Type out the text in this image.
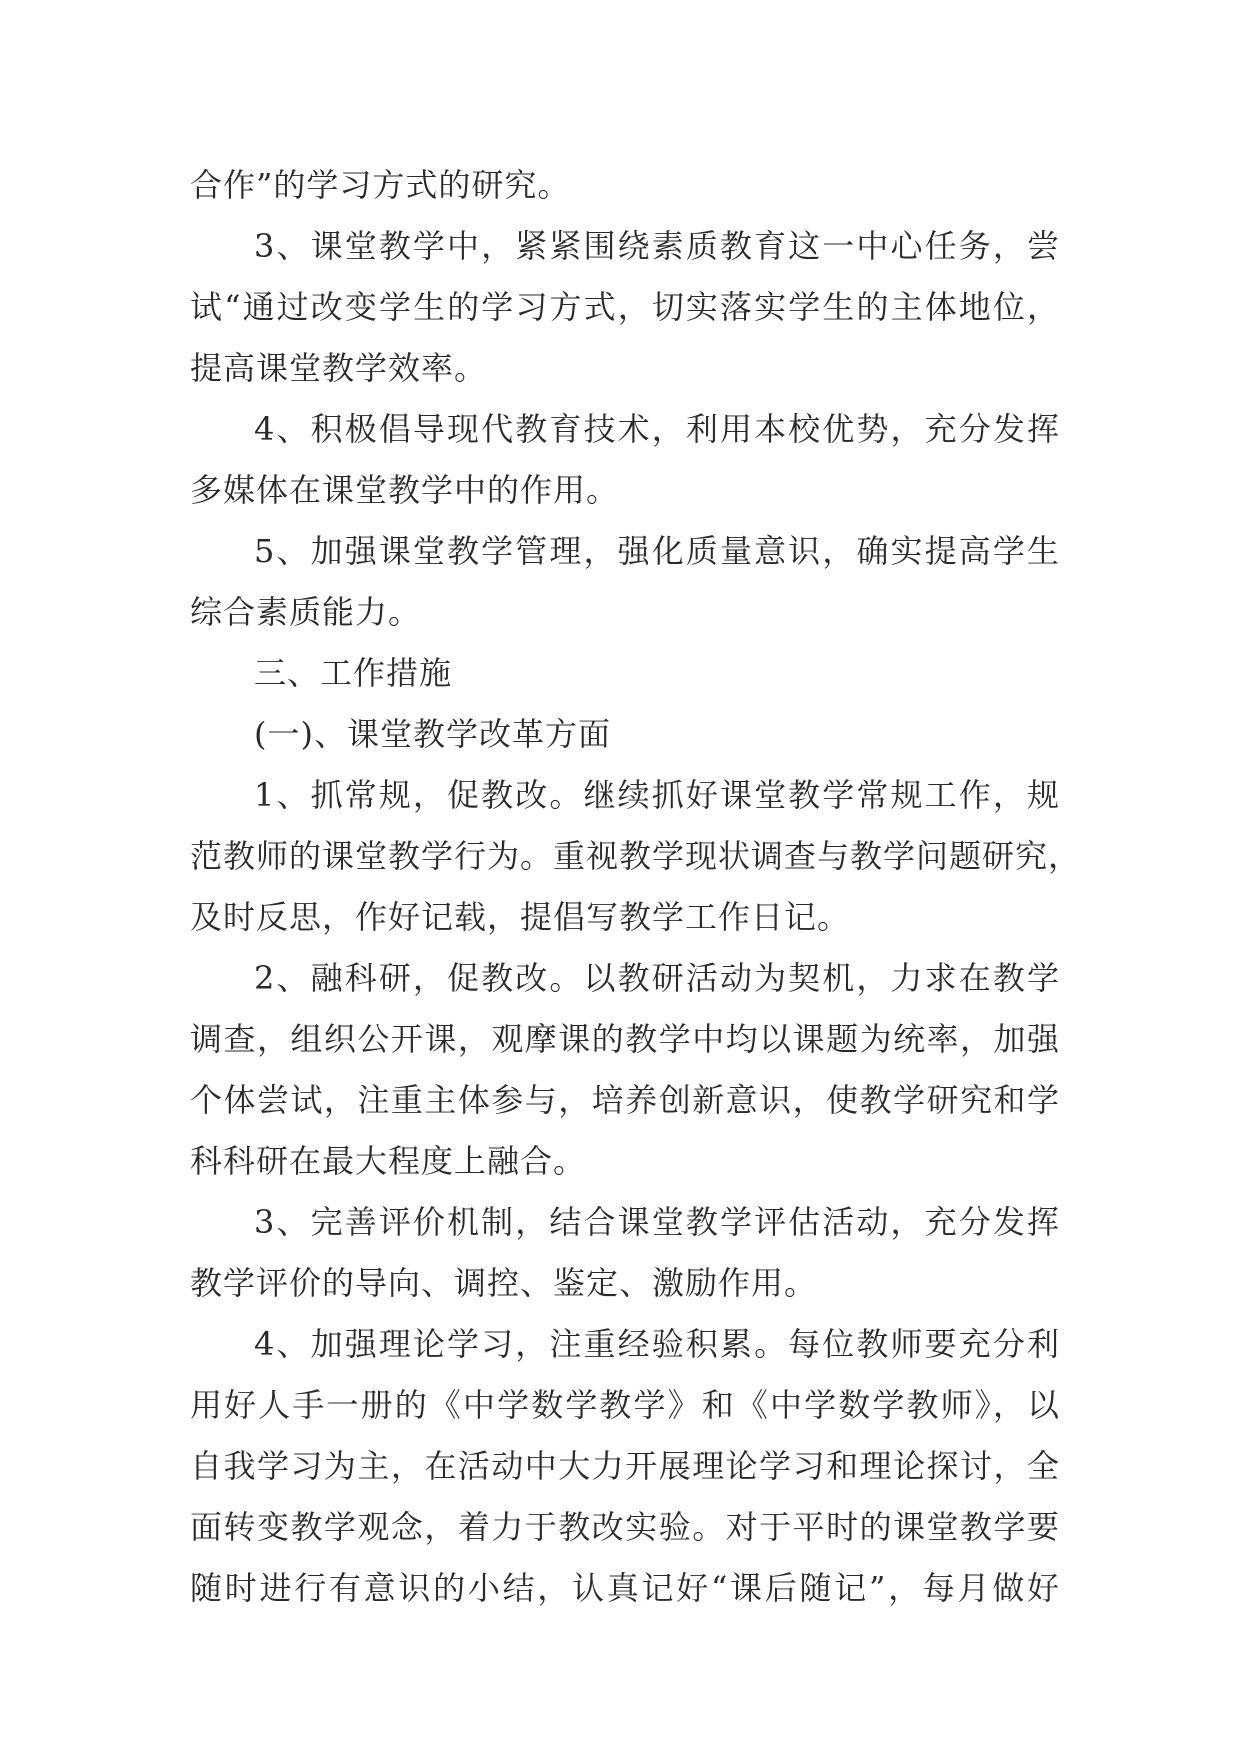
合作”的学习方式的研究。
3、课堂教学中，紧紧围绕素质教育这一中心任务，尝
试“通过改变学生的学习方式，切实落实学生的主体地位，
提高课堂教学效率。
4、积极倡导现代教育技术，利用本校优势，充分发挥
多媒体在课堂教学中的作用。
5、加强课堂教学管理，强化质量意识，确实提高学生
综合素质能力。
三、工作措施
(一)、课堂教学改革方面
1、抓常规，促教改。继续抓好课堂教学常规工作，规
范教师的课堂教学行为。重视教学现状调查与教学问题研究，
及时反思，作好记载，提倡写教学工作日记。
2、融科研，促教改。以教研活动为契机，力求在教学
调查，组织公开课，观摩课的教学中均以课题为统率，加强
个体尝试，注重主体参与，培养创新意识，使教学研究和学
科科研在最大程度上融合。
3、完善评价机制，结合课堂教学评估活动，充分发挥
教学评价的导向、调控、鉴定、激励作用。
4、加强理论学习，注重经验积累。每位教师要充分利
用好人手一册的《中学数学教学》和《中学数学教师》，以
自我学习为主，在活动中大力开展理论学习和理论探讨，全
面转变教学观念，着力于教改实验。对于平时的课堂教学要
随时进行有意识的小结，认真记好“课后随记”，每月做好
